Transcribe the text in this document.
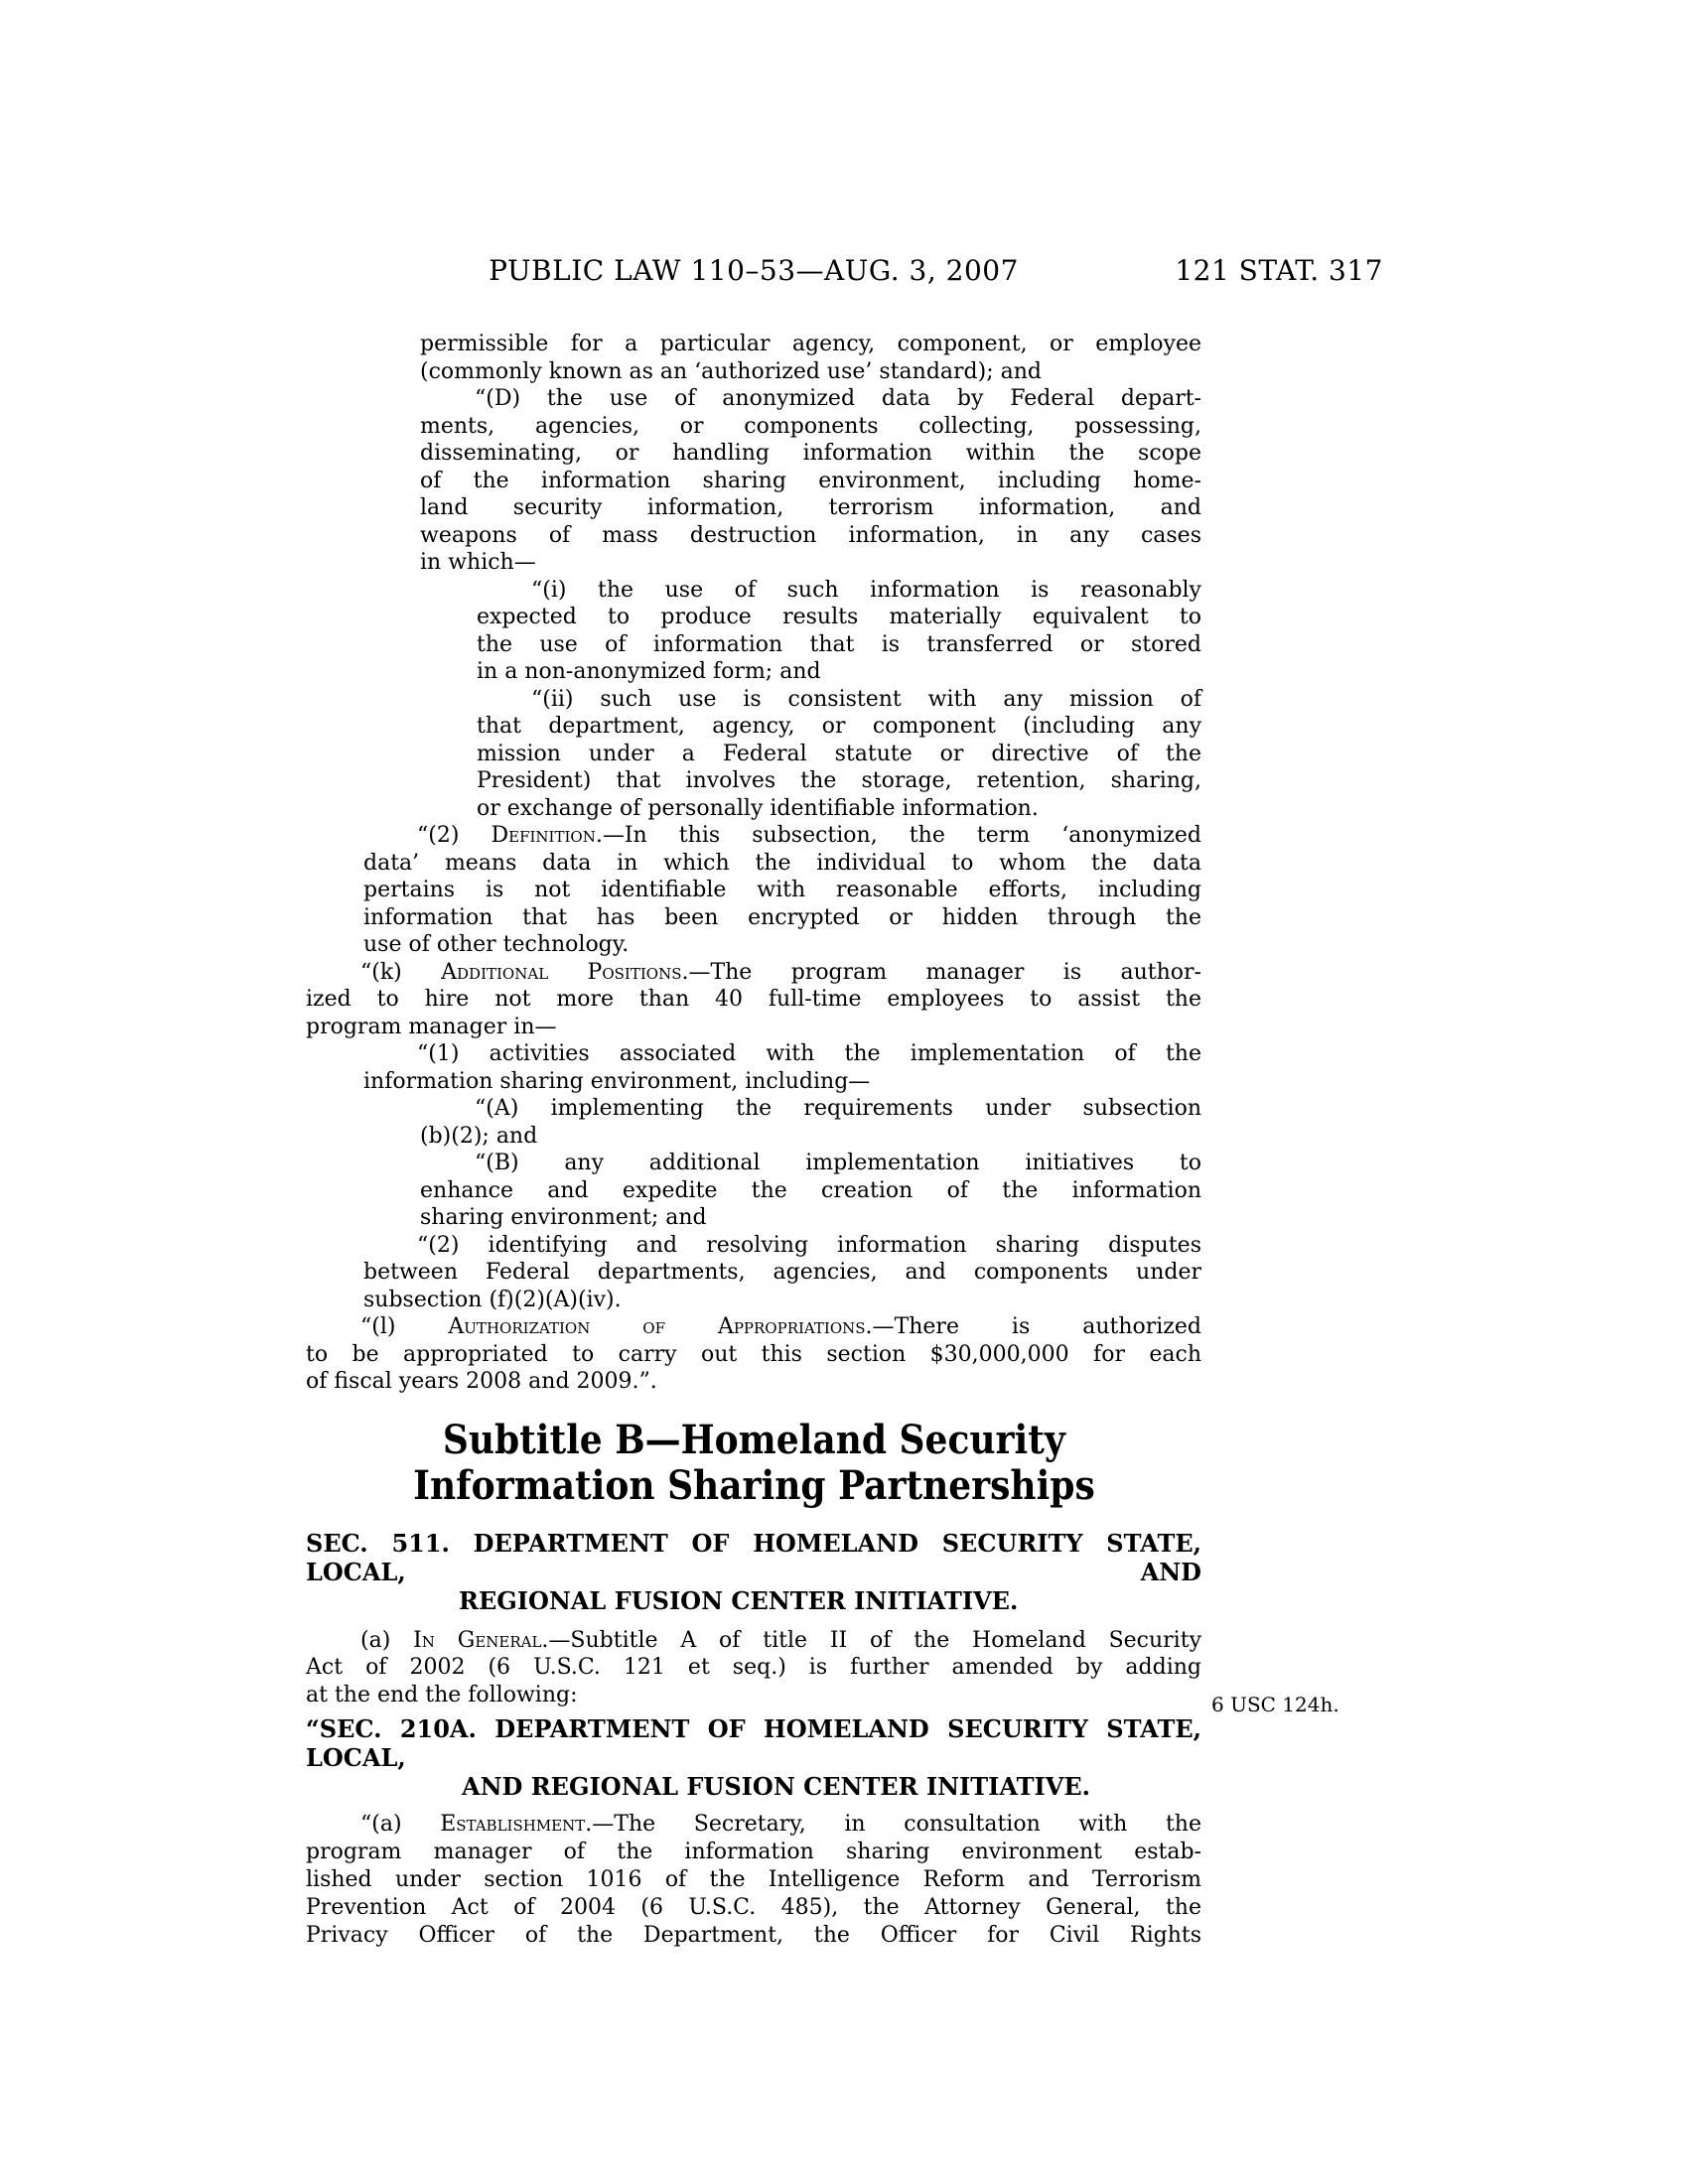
PUBLIC LAW 110–53—AUG. 3, 2007	121 STAT. 317
6 USC 124h.
permissible for a particular agency, component, or employee
(commonly known as an ‘authorized use’ standard); and
“(D) the use of anonymized data by Federal depart-
ments, agencies, or components collecting, possessing,
disseminating, or handling information within the scope
of the information sharing environment, including home-
land security information, terrorism information, and
weapons of mass destruction information, in any cases
in which—
“(i) the use of such information is reasonably
expected to produce results materially equivalent to
the use of information that is transferred or stored
in a non-anonymized form; and
“(ii) such use is consistent with any mission of
that department, agency, or component (including any
mission under a Federal statute or directive of the
President) that involves the storage, retention, sharing,
or exchange of personally identifiable information.
“(2) Definition.—In this subsection, the term ‘anonymized
data’ means data in which the individual to whom the data
pertains is not identifiable with reasonable efforts, including
information that has been encrypted or hidden through the
use of other technology.
“(k) Additional Positions.—The program manager is author-
ized to hire not more than 40 full-time employees to assist the
program manager in—
“(1) activities associated with the implementation of the
information sharing environment, including—
“(A) implementing the requirements under subsection
(b)(2); and
“(B) any additional implementation initiatives to
enhance and expedite the creation of the information
sharing environment; and
“(2) identifying and resolving information sharing disputes
between Federal departments, agencies, and components under
subsection (f)(2)(A)(iv).
“(l) Authorization of Appropriations.—There is authorized
to be appropriated to carry out this section $30,000,000 for each
of fiscal years 2008 and 2009.”.
Subtitle B—Homeland Security
Information Sharing Partnerships
SEC. 511. DEPARTMENT OF HOMELAND SECURITY STATE, LOCAL, AND
REGIONAL FUSION CENTER INITIATIVE.
(a) In General.—Subtitle A of title II of the Homeland Security
Act of 2002 (6 U.S.C. 121 et seq.) is further amended by adding
at the end the following:
“SEC. 210A. DEPARTMENT OF HOMELAND SECURITY STATE, LOCAL,
AND REGIONAL FUSION CENTER INITIATIVE.
“(a) Establishment.—The Secretary, in consultation with the
program manager of the information sharing environment estab-
lished under section 1016 of the Intelligence Reform and Terrorism
Prevention Act of 2004 (6 U.S.C. 485), the Attorney General, the
Privacy Officer of the Department, the Officer for Civil Rights
